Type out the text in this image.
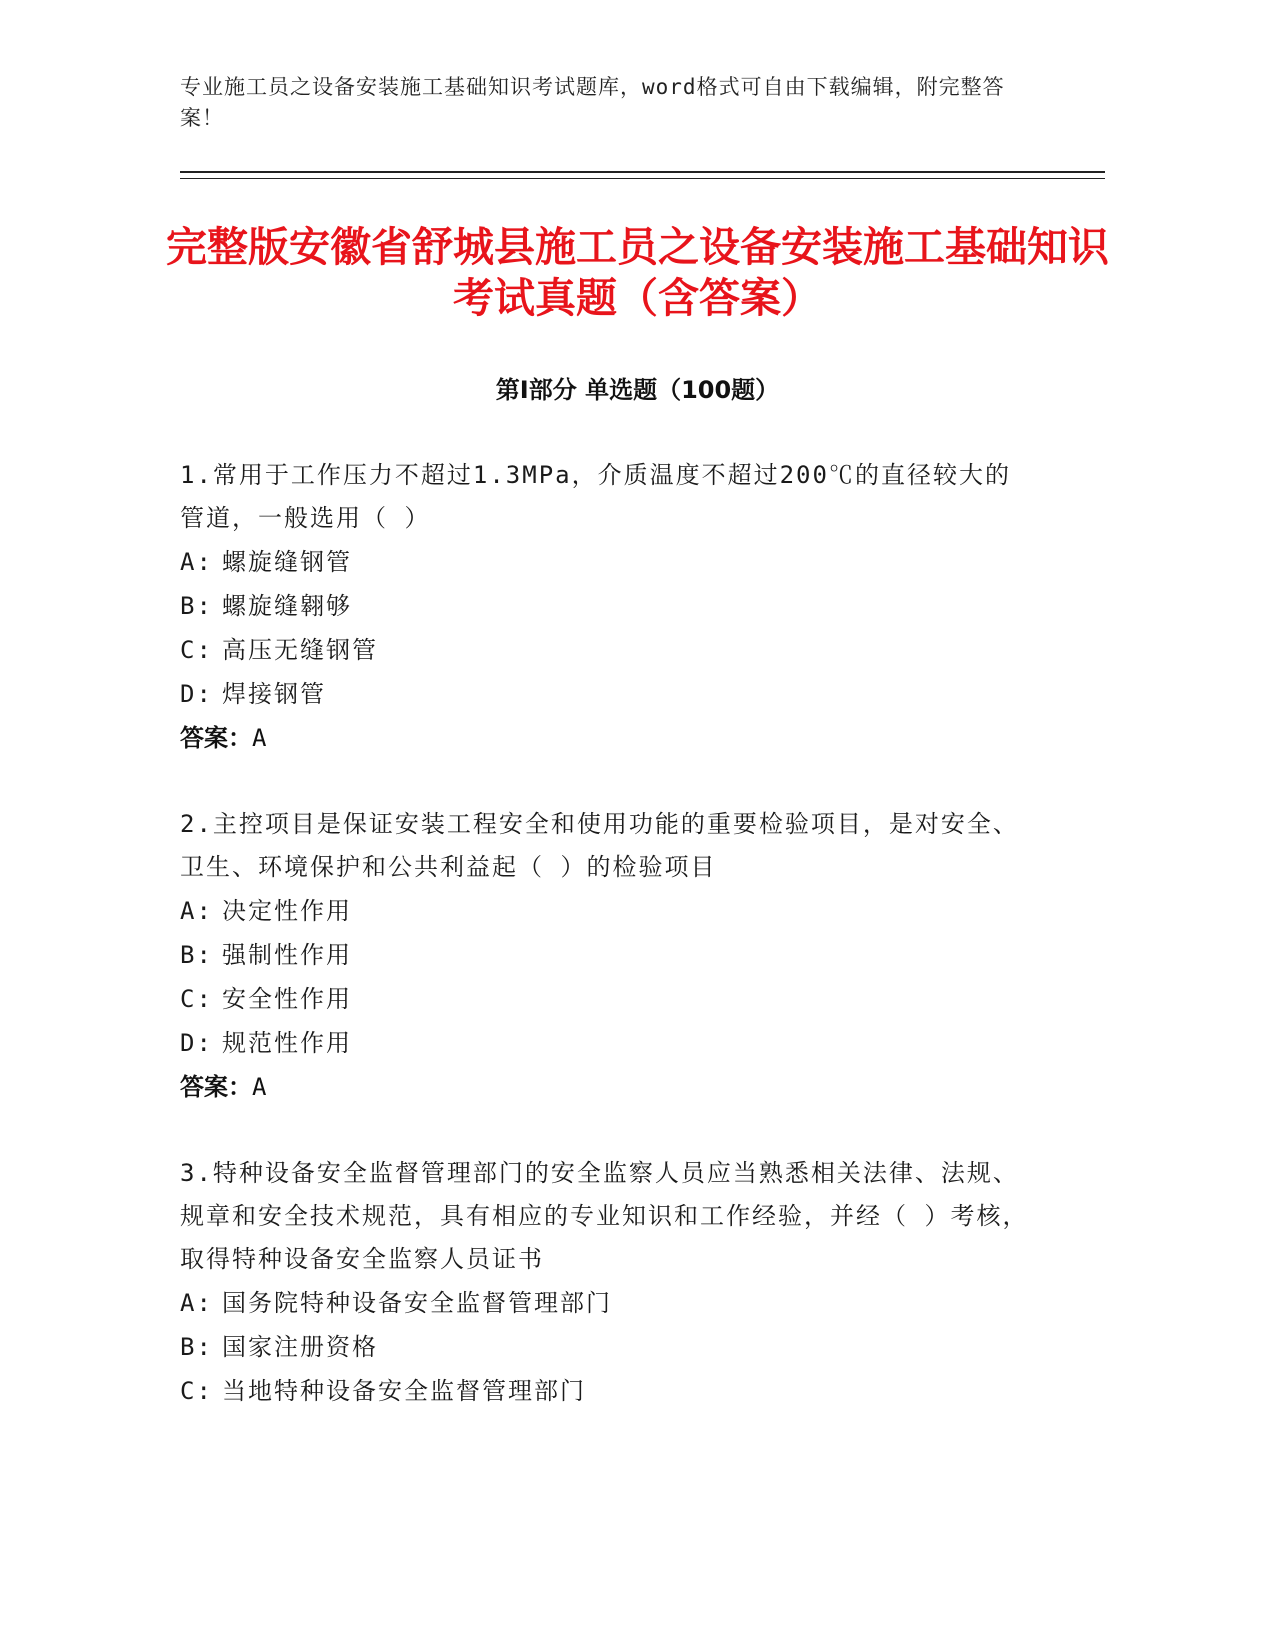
专业施工员之设备安装施工基础知识考试题库，word格式可自由下载编辑，附完整答案！
完整版安徽省舒城县施工员之设备安装施工基础知识考试真题（含答案）
第Ⅰ部分 单选题（100题）
1.常用于工作压力不超过1.3MPa，介质温度不超过200℃的直径较大的管道，一般选用（ ）
A: 螺旋缝钢管
B: 螺旋缝翱够
C: 高压无缝钢管
D: 焊接钢管
答案：A
2.主控项目是保证安装工程安全和使用功能的重要检验项目，是对安全、卫生、环境保护和公共利益起（ ）的检验项目
A: 决定性作用
B: 强制性作用
C: 安全性作用
D: 规范性作用
答案：A
3.特种设备安全监督管理部门的安全监察人员应当熟悉相关法律、法规、规章和安全技术规范，具有相应的专业知识和工作经验，并经（ ）考核，取得特种设备安全监察人员证书
A: 国务院特种设备安全监督管理部门
B: 国家注册资格
C: 当地特种设备安全监督管理部门
